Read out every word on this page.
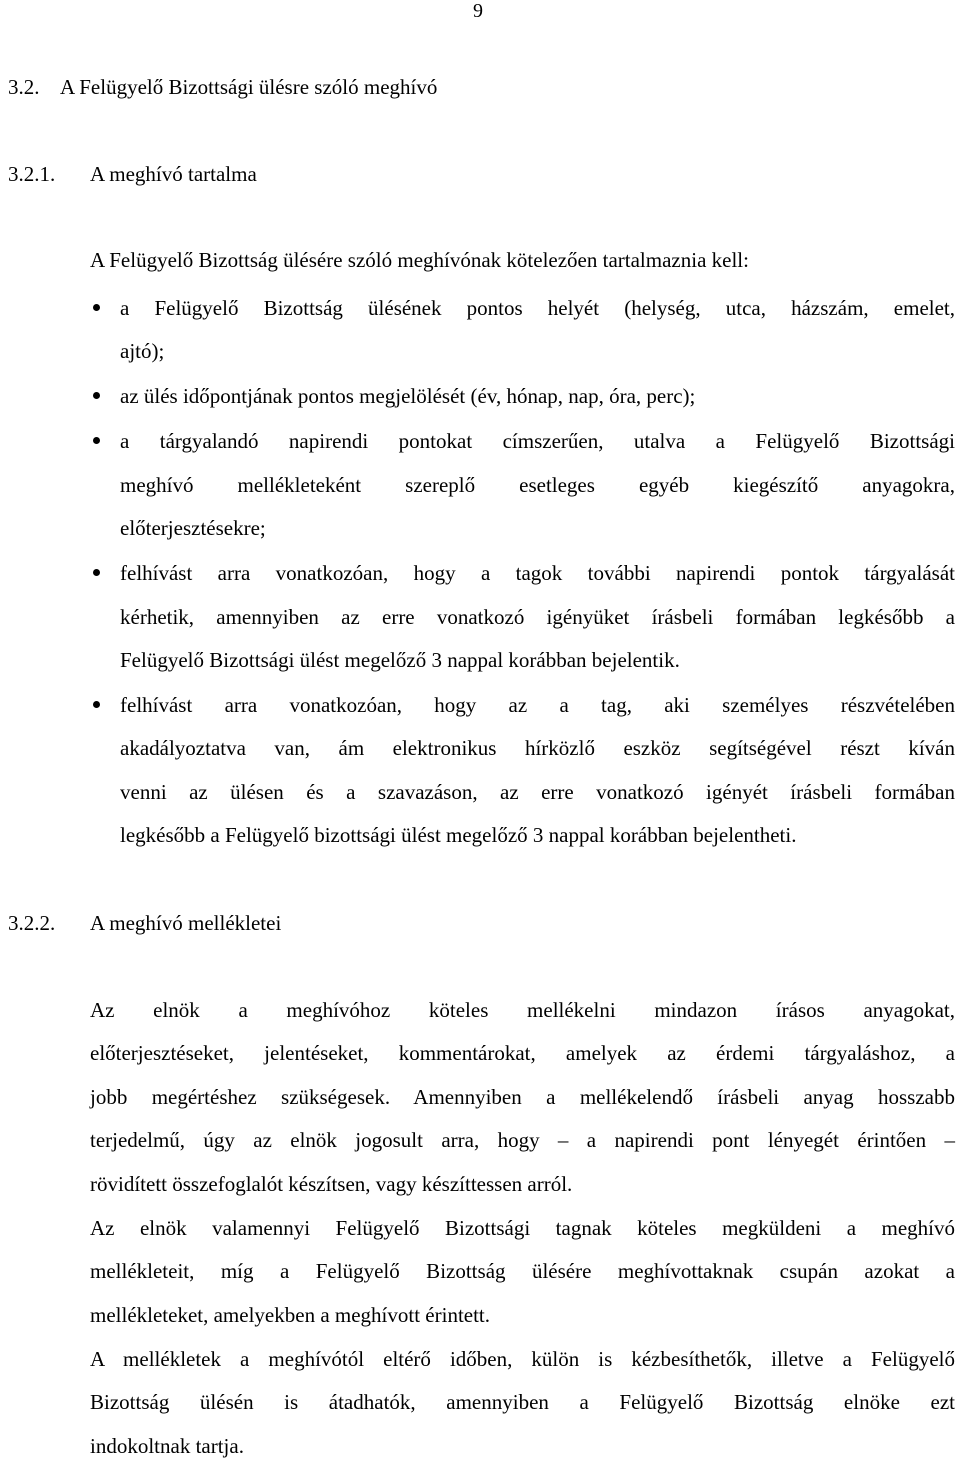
9
3.2. A Felügyelő Bizottsági ülésre szóló meghívó
3.2.1. A meghívó tartalma
A Felügyelő Bizottság ülésére szóló meghívónak kötelezően tartalmaznia kell:
a Felügyelő Bizottság ülésének pontos helyét (helység, utca, házszám, emelet,
ajtó);
az ülés időpontjának pontos megjelölését (év, hónap, nap, óra, perc);
a tárgyalandó napirendi pontokat címszerűen, utalva a Felügyelő Bizottsági
meghívó mellékleteként szereplő esetleges egyéb kiegészítő anyagokra,
előterjesztésekre;
felhívást arra vonatkozóan, hogy a tagok további napirendi pontok tárgyalását
kérhetik, amennyiben az erre vonatkozó igényüket írásbeli formában legkésőbb a
Felügyelő Bizottsági ülést megelőző 3 nappal korábban bejelentik.
felhívást arra vonatkozóan, hogy az a tag, aki személyes részvételében
akadályoztatva van, ám elektronikus hírközlő eszköz segítségével részt kíván
venni az ülésen és a szavazáson, az erre vonatkozó igényét írásbeli formában
legkésőbb a Felügyelő bizottsági ülést megelőző 3 nappal korábban bejelentheti.
3.2.2. A meghívó mellékletei
Az elnök a meghívóhoz köteles mellékelni mindazon írásos anyagokat,
előterjesztéseket, jelentéseket, kommentárokat, amelyek az érdemi tárgyaláshoz, a
jobb megértéshez szükségesek. Amennyiben a mellékelendő írásbeli anyag hosszabb
terjedelmű, úgy az elnök jogosult arra, hogy – a napirendi pont lényegét érintően –
rövidített összefoglalót készítsen, vagy készíttessen arról.
Az elnök valamennyi Felügyelő Bizottsági tagnak köteles megküldeni a meghívó
mellékleteit, míg a Felügyelő Bizottság ülésére meghívottaknak csupán azokat a
mellékleteket, amelyekben a meghívott érintett.
A mellékletek a meghívótól eltérő időben, külön is kézbesíthetők, illetve a Felügyelő
Bizottság ülésén is átadhatók, amennyiben a Felügyelő Bizottság elnöke ezt
indokoltnak tartja.
